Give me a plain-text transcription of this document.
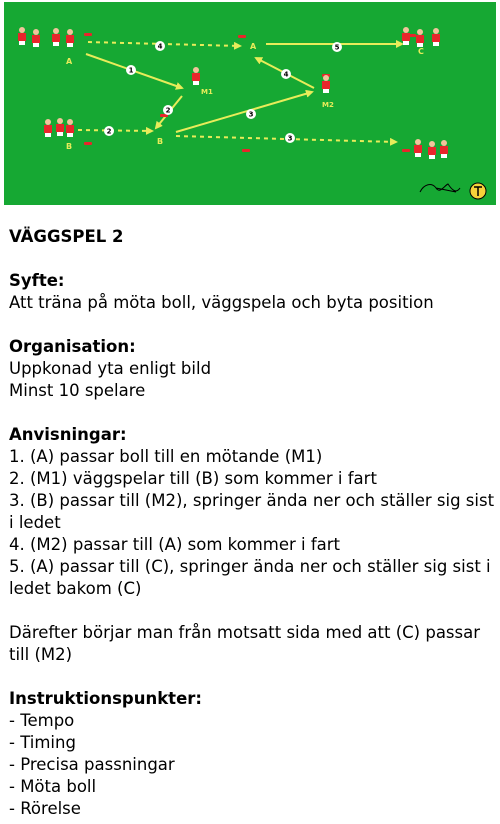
4
1
2
2
3
3
4
5
A
A
B
B
C
M1
M2
VÄGGSPEL 2
Syfte:
Att träna på möta boll, väggspela och byta position
Organisation:
Uppkonad yta enligt bild
Minst 10 spelare
Anvisningar:
1. (A) passar boll till en mötande (M1)
2. (M1) väggspelar till (B) som kommer i fart
3. (B) passar till (M2), springer ända ner och ställer sig sist i ledet
4. (M2) passar till (A) som kommer i fart
5. (A) passar till (C), springer ända ner och ställer sig sist i ledet bakom (C)
Därefter börjar man från motsatt sida med att (C) passar till (M2)
Instruktionspunkter:
- Tempo
- Timing
- Precisa passningar
- Möta boll
- Rörelse
